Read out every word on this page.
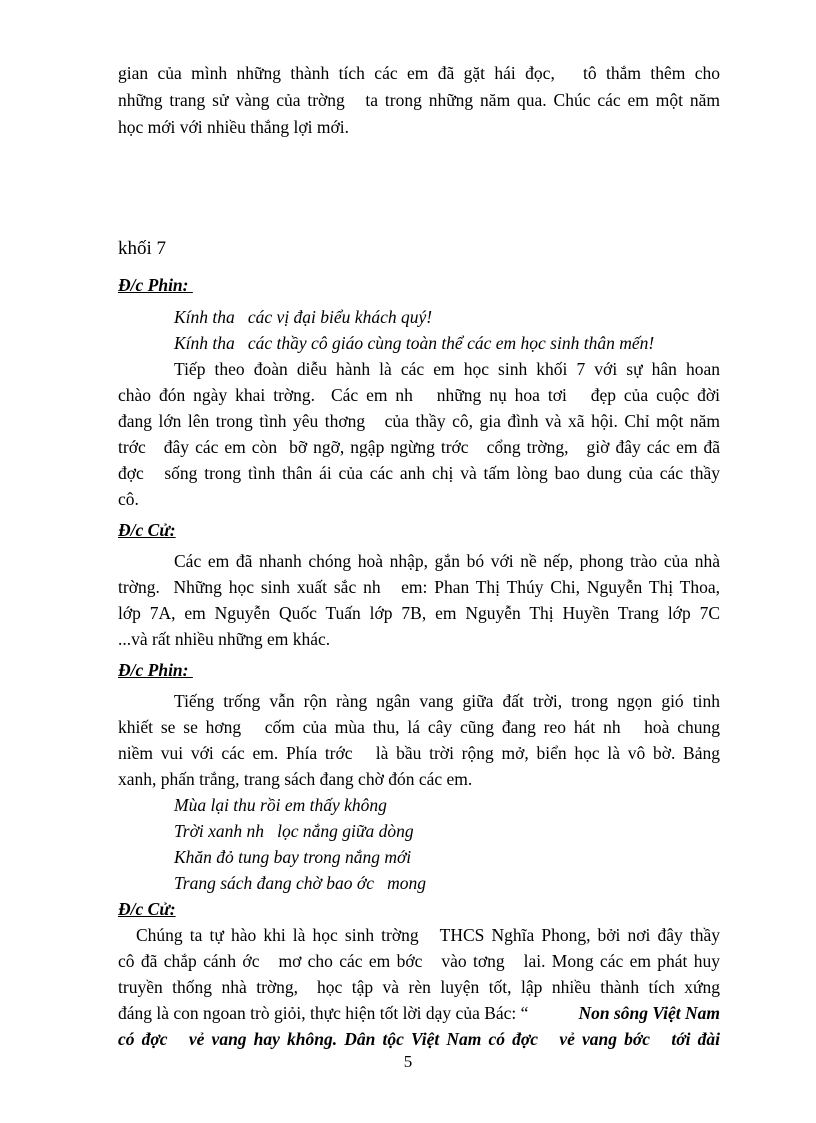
gian của mình những thành tích các em đã gặt hái đọc,   tô thắm thêm cho
những trang sử vàng của trờng   ta trong những năm qua. Chúc các em một năm
học mới với nhiều thắng lợi mới.
khối 7
Đ/c Phin:
Kính tha   các vị đại biểu khách quý!
Kính tha   các thầy cô giáo cùng toàn thể các em học sinh thân mến!
Tiếp theo đoàn diễu hành là các em học sinh khối 7 với sự hân hoan
chào đón ngày khai trờng.  Các em nh   những nụ hoa tơi   đẹp của cuộc đời
đang lớn lên trong tình yêu thơng   của thầy cô, gia đình và xã hội. Chỉ một năm
trớc   đây các em còn  bỡ ngỡ, ngập ngừng trớc   cổng trờng,   giờ đây các em đã
đợc   sống trong tình thân ái của các anh chị và tấm lòng bao dung của các thầy
cô.
Đ/c Cử:
Các em đã nhanh chóng hoà nhập, gắn bó với nề nếp, phong trào của nhà
trờng.  Những học sinh xuất sắc nh   em: Phan Thị Thúy Chi, Nguyễn Thị Thoa,
lớp 7A, em Nguyễn Quốc Tuấn lớp 7B, em Nguyễn Thị Huyền Trang lớp 7C
...và rất nhiều những em khác.
Đ/c Phin:
Tiếng trống vẫn rộn ràng ngân vang giữa đất trời, trong ngọn gió tinh
khiết se se hơng   cốm của mùa thu, lá cây cũng đang reo hát nh   hoà chung
niềm vui với các em. Phía trớc   là bầu trời rộng mở, biển học là vô bờ. Bảng
xanh, phấn trắng, trang sách đang chờ đón các em.
Mùa lại thu rồi em thấy không
Trời xanh nh   lọc nắng giữa dòng
Khăn đỏ tung bay trong nắng mới
Trang sách đang chờ bao ớc   mong
Đ/c Cử:
Chúng ta tự hào khi là học sinh trờng   THCS Nghĩa Phong, bởi nơi đây thầy
cô đã chắp cánh ớc   mơ cho các em bớc   vào tơng   lai. Mong các em phát huy
truyền thống nhà trờng,  học tập và rèn luyện tốt, lập nhiều thành tích xứng
đáng là con ngoan trò giỏi, thực hiện tốt lời dạy của Bác: “	Non sông Việt Nam
có đợc   vẻ vang hay không. Dân tộc Việt Nam có đợc   vẻ vang bớc   tới đài
5
